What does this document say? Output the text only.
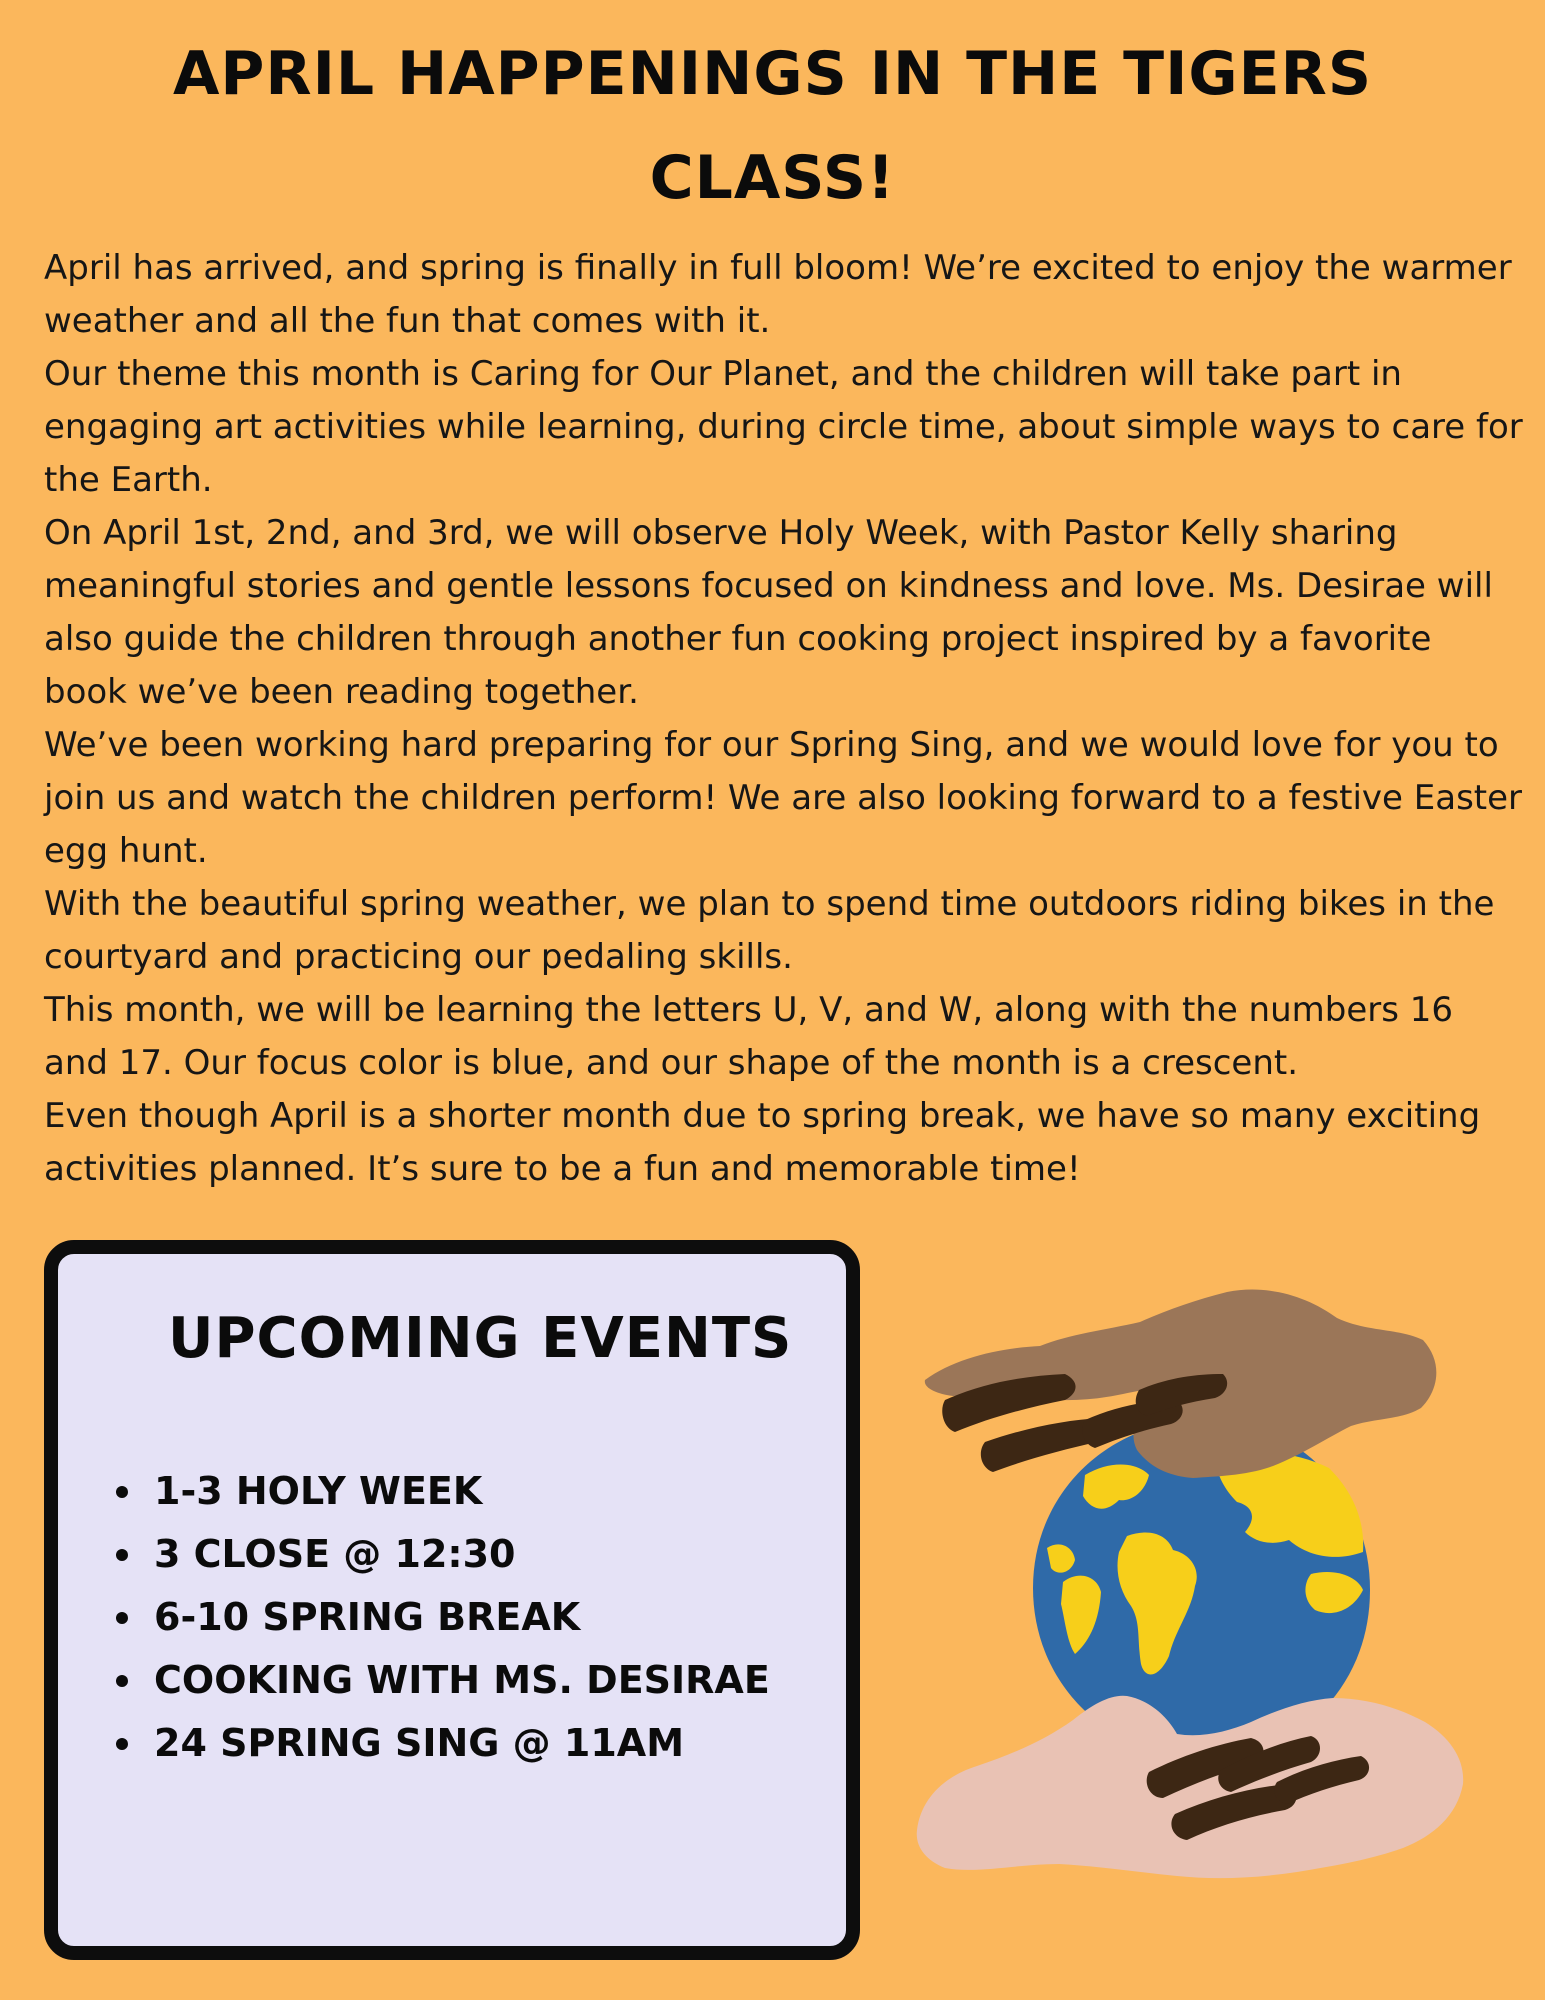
APRIL HAPPENINGS IN THE TIGERS
CLASS!

April has arrived, and spring is finally in full bloom! We’re excited to enjoy the warmer weather and all the fun that comes with it.

Our theme this month is Caring for Our Planet, and the children will take part in engaging art activities while learning, during circle time, about simple ways to care for the Earth.

On April 1st, 2nd, and 3rd, we will observe Holy Week, with Pastor Kelly sharing meaningful stories and gentle lessons focused on kindness and love. Ms. Desirae will also guide the children through another fun cooking project inspired by a favorite book we’ve been reading together.

We’ve been working hard preparing for our Spring Sing, and we would love for you to join us and watch the children perform! We are also looking forward to a festive Easter egg hunt.

With the beautiful spring weather, we plan to spend time outdoors riding bikes in the courtyard and practicing our pedaling skills.

This month, we will be learning the letters U, V, and W, along with the numbers 16 and 17. Our focus color is blue, and our shape of the month is a crescent.

Even though April is a shorter month due to spring break, we have so many exciting activities planned. It’s sure to be a fun and memorable time!

UPCOMING EVENTS
1-3 HOLY WEEK
3 CLOSE @ 12:30
6-10 SPRING BREAK
COOKING WITH MS. DESIRAE
24 SPRING SING @ 11AM
